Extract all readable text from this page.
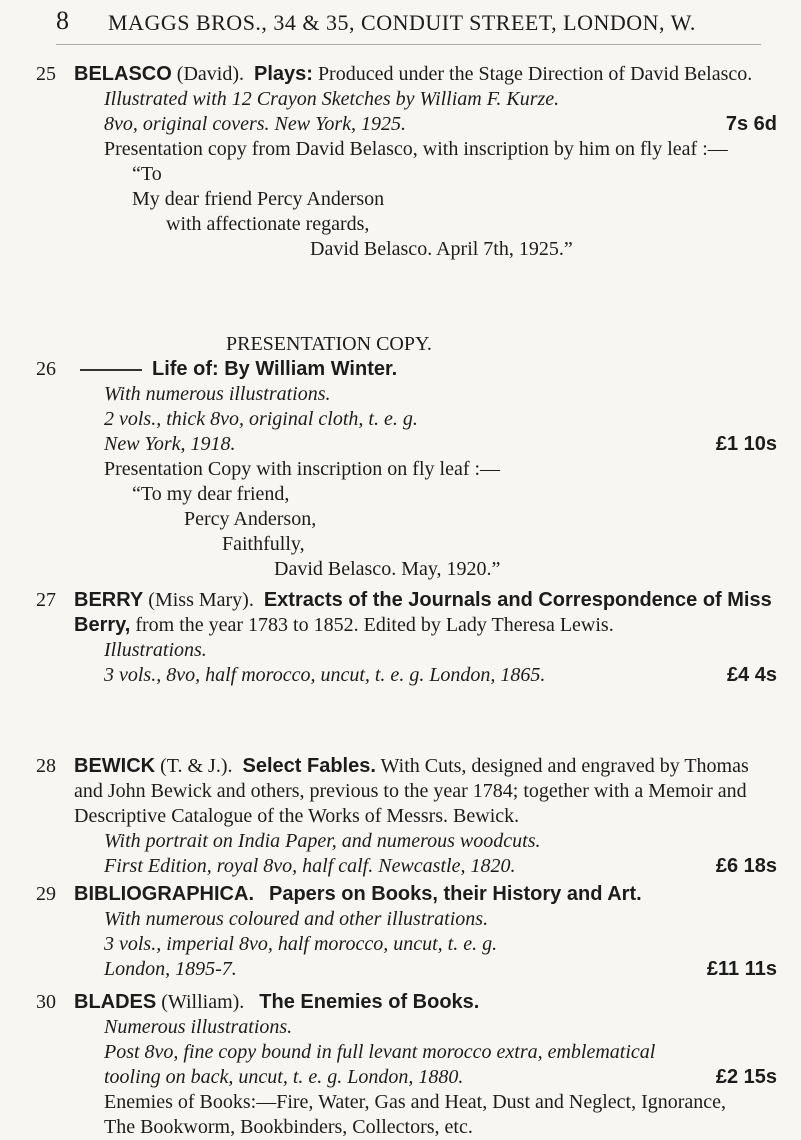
8 MAGGS BROS., 34 & 35, CONDUIT STREET, LONDON, W.
25 BELASCO (David). Plays: Produced under the Stage Direction of David Belasco.
Illustrated with 12 Crayon Sketches by William F. Kurze.
8vo, original covers. New York, 1925.	7s 6d
Presentation copy from David Belasco, with inscription by him on fly leaf :—
“To
My dear friend Percy Anderson
with affectionate regards,
David Belasco. April 7th, 1925.”
PRESENTATION COPY.
26	Life of: By William Winter.
With numerous illustrations.
2 vols., thick 8vo, original cloth, t. e. g.
New York, 1918.	£1 10s
Presentation Copy with inscription on fly leaf :—
“To my dear friend,
Percy Anderson,
Faithfully,
David Belasco. May, 1920.”
27 BERRY (Miss Mary). Extracts of the Journals and Correspondence of Miss Berry, from the year 1783 to 1852. Edited by Lady Theresa Lewis.
Illustrations.
3 vols., 8vo, half morocco, uncut, t. e. g. London, 1865.	£4 4s
28 BEWICK (T. & J.). Select Fables. With Cuts, designed and engraved by Thomas and John Bewick and others, previous to the year 1784; together with a Memoir and Descriptive Catalogue of the Works of Messrs. Bewick.
With portrait on India Paper, and numerous woodcuts.
First Edition, royal 8vo, half calf. Newcastle, 1820.	£6 18s
29 BIBLIOGRAPHICA. Papers on Books, their History and Art.
With numerous coloured and other illustrations.
3 vols., imperial 8vo, half morocco, uncut, t. e. g.
London, 1895-7.	£11 11s
30 BLADES (William). The Enemies of Books.
Numerous illustrations.
Post 8vo, fine copy bound in full levant morocco extra, emblematical
tooling on back, uncut, t. e. g. London, 1880.	£2 15s
Enemies of Books:—Fire, Water, Gas and Heat, Dust and Neglect, Ignorance,
The Bookworm, Bookbinders, Collectors, etc.
